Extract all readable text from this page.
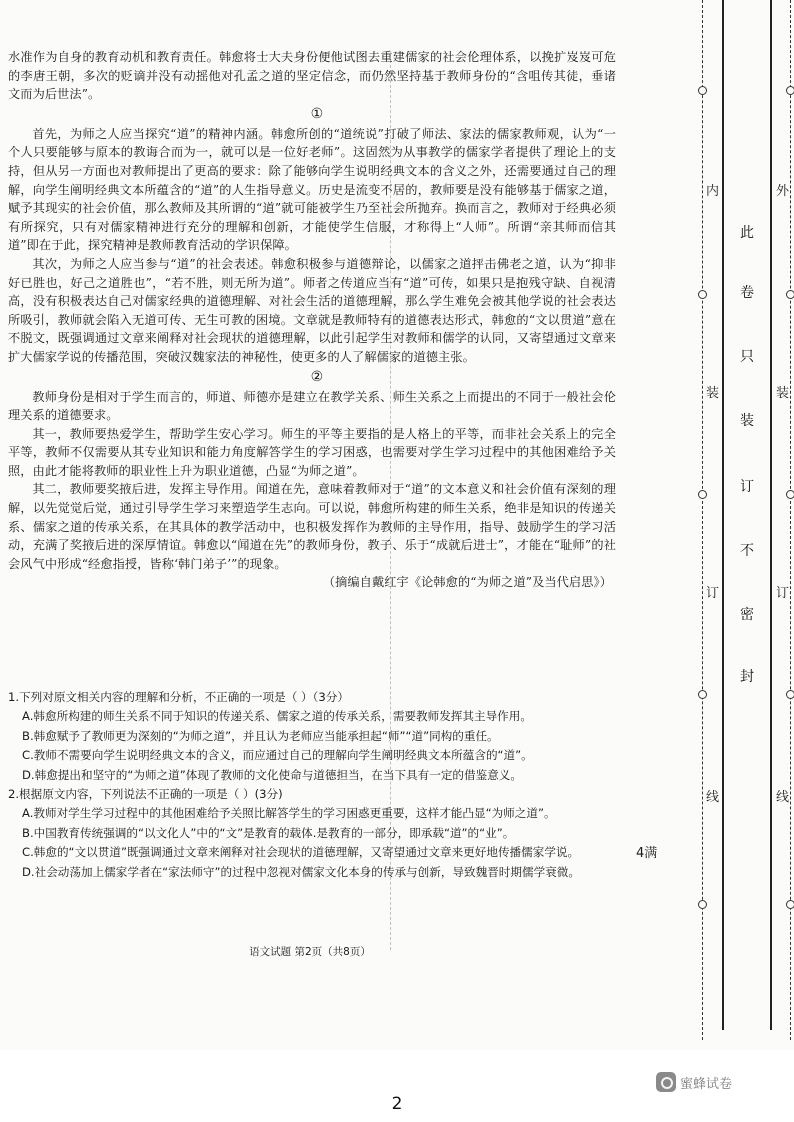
水准作为自身的教育动机和教育责任。韩愈将士大夫身份便他试图去重建儒家的社会伦理体系，以挽扩岌岌可危的李唐王朝，多次的贬谪并没有动摇他对孔孟之道的坚定信念，而仍然坚持基于教师身份的“含咀传其徒，垂诸文而为后世法”。

①

首先，为师之人应当探究“道”的精神内涵。韩愈所创的“道统说”打破了师法、家法的儒家教师观，认为“一个人只要能够与原本的教诲合而为一，就可以是一位好老师”。这固然为从事教学的儒家学者提供了理论上的支持，但从另一方面也对教师提出了更高的要求：除了能够向学生说明经典文本的含义之外，还需要通过自己的理解，向学生阐明经典文本所蕴含的“道”的人生指导意义。历史是流变不居的，教师要是没有能够基于儒家之道，赋予其现实的社会价值，那么教师及其所谓的“道”就可能被学生乃至社会所抛弃。换而言之，教师对于经典必须有所探究，只有对儒家精神进行充分的理解和创新，才能使学生信服，才称得上“人师”。所谓“亲其师而信其道”即在于此，探究精神是教师教育活动的学识保障。

其次，为师之人应当参与“道”的社会表述。韩愈积极参与道德辩论，以儒家之道抨击佛老之道，认为“抑非好已胜也，好己之道胜也”，“若不胜，则无所为道”。师者之传道应当有“道”可传，如果只是抱残守缺、自视清高，没有积极表达自己对儒家经典的道德理解、对社会生活的道德理解，那么学生难免会被其他学说的社会表达所吸引，教师就会陷入无道可传、无生可教的困境。文章就是教师特有的道德表达形式，韩愈的“文以贯道”意在不脱文，既强调通过文章来阐释对社会现状的道德理解，以此引起学生对教师和儒学的认同，又寄望通过文章来扩大儒家学说的传播范围，突破汉魏家法的神秘性，使更多的人了解儒家的道德主张。

②

教师身份是相对于学生而言的，师道、师德亦是建立在教学关系、师生关系之上而提出的不同于一般社会伦理关系的道德要求。

其一，教师要热爱学生，帮助学生安心学习。师生的平等主要指的是人格上的平等，而非社会关系上的完全平等，教师不仅需要从其专业知识和能力角度解答学生的学习困惑，也需要对学生学习过程中的其他困难给予关照，由此才能将教师的职业性上升为职业道德，凸显“为师之道”。

其二，教师要奖掖后进，发挥主导作用。闻道在先，意味着教师对于“道”的文本意义和社会价值有深刻的理解，以先觉觉后觉，通过引导学生学习来塑造学生志向。可以说，韩愈所构建的师生关系，绝非是知识的传递关系、儒家之道的传承关系，在其具体的教学活动中，也积极发挥作为教师的主导作用，指导、鼓励学生的学习活动，充满了奖掖后进的深厚情谊。韩愈以“闻道在先”的教师身份，教子、乐于“成就后进士”，才能在“耻师”的社会风气中形成“经愈指授，皆称‘韩门弟子’”的现象。

（摘编自戴红宇《论韩愈的“为师之道”及当代启思》）

1.下列对原文相关内容的理解和分析，不正确的一项是（ ）（3分）

A.韩愈所构建的师生关系不同于知识的传递关系、儒家之道的传承关系，需要教师发挥其主导作用。

B.韩愈赋予了教师更为深刻的“为师之道”，并且认为老师应当能承担起“师”“道”同构的重任。

C.教师不需要向学生说明经典文本的含义，而应通过自己的理解向学生阐明经典文本所蕴含的“道”。

D.韩愈提出和坚守的“为师之道”体现了教师的文化使命与道德担当，在当下具有一定的借鉴意义。

2.根据原文内容，下列说法不正确的一项是（ ）(3分)

A.教师对学生学习过程中的其他困难给予关照比解答学生的学习困惑更重要，这样才能凸显“为师之道”。

B.中国教育传统强调的“以文化人”中的“文”是教育的载体.是教育的一部分，即承载“道”的“业”。

C.韩愈的“文以贯道”既强调通过文章来阐释对社会现状的道德理解，又寄望通过文章来更好地传播儒家学说。

D.社会动荡加上儒家学者在“家法师守”的过程中忽视对儒家文化本身的传承与创新，导致魏晋时期儒学衰微。

语文试题 第2页（共8页）
内
装
订
线
外
装
订
线
此
卷
只
装
订
不
密
封
4满
蜜蜂试卷
2
